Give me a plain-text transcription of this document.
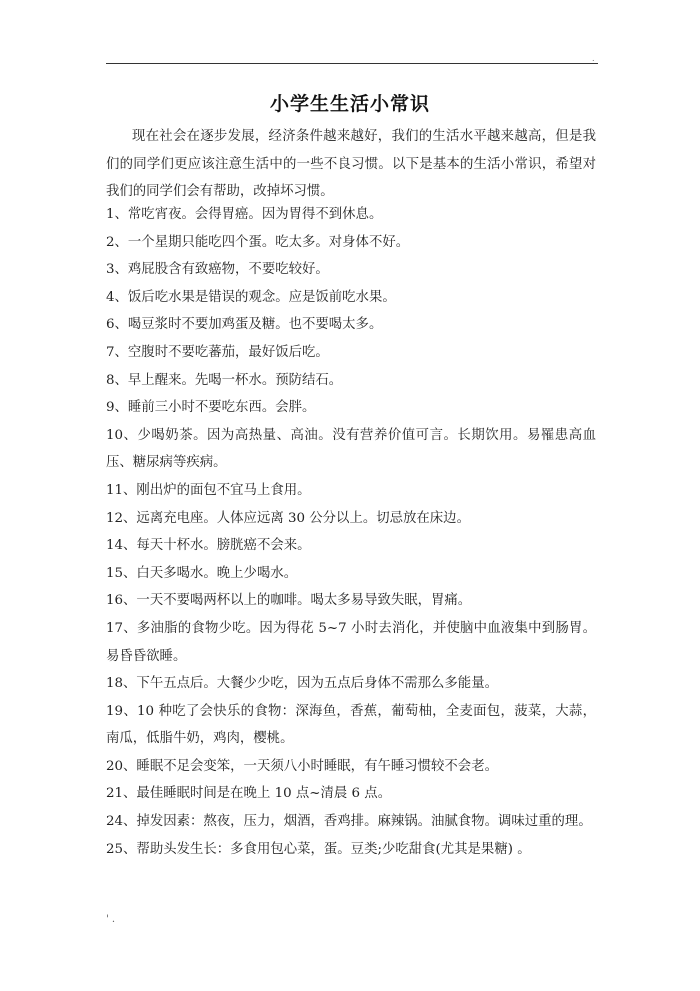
.
小学生生活小常识

现在社会在逐步发展，经济条件越来越好，我们的生活水平越来越高，但是我们的同学们更应该注意生活中的一些不良习惯。以下是基本的生活小常识，希望对我们的同学们会有帮助，改掉坏习惯。

1、常吃宵夜。会得胃癌。因为胃得不到休息。
2、一个星期只能吃四个蛋。吃太多。对身体不好。
3、鸡屁股含有致癌物，不要吃较好。
4、饭后吃水果是错误的观念。应是饭前吃水果。
6、喝豆浆时不要加鸡蛋及糖。也不要喝太多。
7、空腹时不要吃蕃茄，最好饭后吃。
8、早上醒来。先喝一杯水。预防结石。
9、睡前三小时不要吃东西。会胖。
10、少喝奶茶。因为高热量、高油。没有营养价值可言。长期饮用。易罹患高血压、糖尿病等疾病。
11、刚出炉的面包不宜马上食用。
12、远离充电座。人体应远离 30 公分以上。切忌放在床边。
14、每天十杯水。膀胱癌不会来。
15、白天多喝水。晚上少喝水。
16、一天不要喝两杯以上的咖啡。喝太多易导致失眠，胃痛。
17、多油脂的食物少吃。因为得花 5~7 小时去消化，并使脑中血液集中到肠胃。易昏昏欲睡。
18、下午五点后。大餐少少吃，因为五点后身体不需那么多能量。
19、10 种吃了会快乐的食物：深海鱼，香蕉，葡萄柚，全麦面包，菠菜，大蒜，南瓜，低脂牛奶，鸡肉，樱桃。
20、睡眠不足会变笨，一天须八小时睡眠，有午睡习惯较不会老。
21、最佳睡眠时间是在晚上 10 点~清晨 6 点。
24、掉发因素：熬夜，压力，烟酒，香鸡排。麻辣锅。油腻食物。调味过重的理。
25、帮助头发生长：多食用包心菜，蛋。豆类;少吃甜食(尤其是果糖) 。
' .
